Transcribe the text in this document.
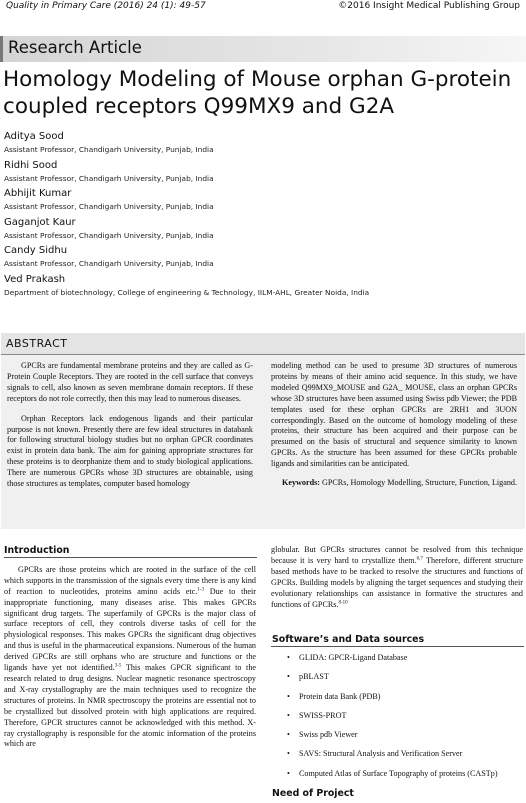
Quality in Primary Care (2016) 24 (1): 49-57	©2016 Insight Medical Publishing Group
Research Article
Homology Modeling of Mouse orphan G-protein
coupled receptors Q99MX9 and G2A
Aditya Sood
Assistant Professor, Chandigarh University, Punjab, India
Ridhi Sood
Assistant Professor, Chandigarh University, Punjab, India
Abhijit Kumar
Assistant Professor, Chandigarh University, Punjab, India
Gaganjot Kaur
Assistant Professor, Chandigarh University, Punjab, India
Candy Sidhu
Assistant Professor, Chandigarh University, Punjab, India
Ved Prakash
Department of biotechnology, College of engineering & Technology, IILM-AHL, Greater Noida, India
ABSTRACT

GPCRs are fundamental membrane proteins and they are called as G-Protein Couple Receptors. They are rooted in the cell surface that conveys signals to cell, also known as seven membrane domain receptors. If these receptors do not role correctly, then this may lead to numerous diseases.

Orphan Receptors lack endogenous ligands and their particular purpose is not known. Presently there are few ideal structures in databank for following structural biology studies but no orphan GPCR coordinates exist in protein data bank. The aim for gaining appropriate structures for these proteins is to deorphanize them and to study biological applications. There are numerous GPCRs whose 3D structures are obtainable, using those structures as templates, computer based homology

modeling method can be used to presume 3D structures of numerous proteins by means of their amino acid sequence. In this study, we have modeled Q99MX9_MOUSE and G2A_ MOUSE, class an orphan GPCRs whose 3D structures have been assumed using Swiss pdb Viewer; the PDB templates used for these orphan GPCRs are 2RH1 and 3UON correspondingly. Based on the outcome of homology modeling of these proteins, their structure has been acquired and their purpose can be presumed on the basis of structural and sequence similarity to known GPCRs. As the structure has been assumed for these GPCRs probable ligands and similarities can be anticipated.

Keywords: GPCRs, Homology Modelling, Structure, Function, Ligand.

Introduction

GPCRs are those proteins which are rooted in the surface of the cell which supports in the transmission of the signals every time there is any kind of reaction to nucleotides, proteins amino acids etc.$^{1-3}$ Due to their inappropriate functioning, many diseases arise. This makes GPCRs significant drug targets. The superfamily of GPCRs is the major class of surface receptors of cell, they controls diverse tasks of cell for the physiological responses. This makes GPCRs the significant drug objectives and thus is useful in the pharmaceutical expansions. Numerous of the human derived GPCRs are still orphans who are structure and functions or the ligands have yet not identified.$^{3-5}$ This makes GPCR significant to the research related to drug designs. Nuclear magnetic resonance spectroscopy and X-ray crystallography are the main techniques used to recognize the structures of proteins. In NMR spectroscopy the proteins are essential not to be crystallized but dissolved protein with high applications are required. Therefore, GPCR structures cannot be acknowledged with this method. X-ray crystallography is responsible for the atomic information of the proteins which are

globular. But GPCRs structures cannot be resolved from this technique because it is very hard to crystallize them.$^{6,7}$ Therefore, different structure based methods have to be tracked to resolve the structures and functions of GPCRs. Building models by aligning the target sequences and studying their evolutionary relationships can assistance in formative the structures and functions of GPCRs.$^{8-10}$

Software’s and Data sources
• GLIDA: GPCR-Ligand Database
• pBLAST
• Protein data Bank (PDB)
• SWISS-PROT
• Swiss pdb Viewer
• SAVS: Structural Analysis and Verification Server
• Computed Atlas of Surface Topography of proteins (CASTp)
Need of Project
